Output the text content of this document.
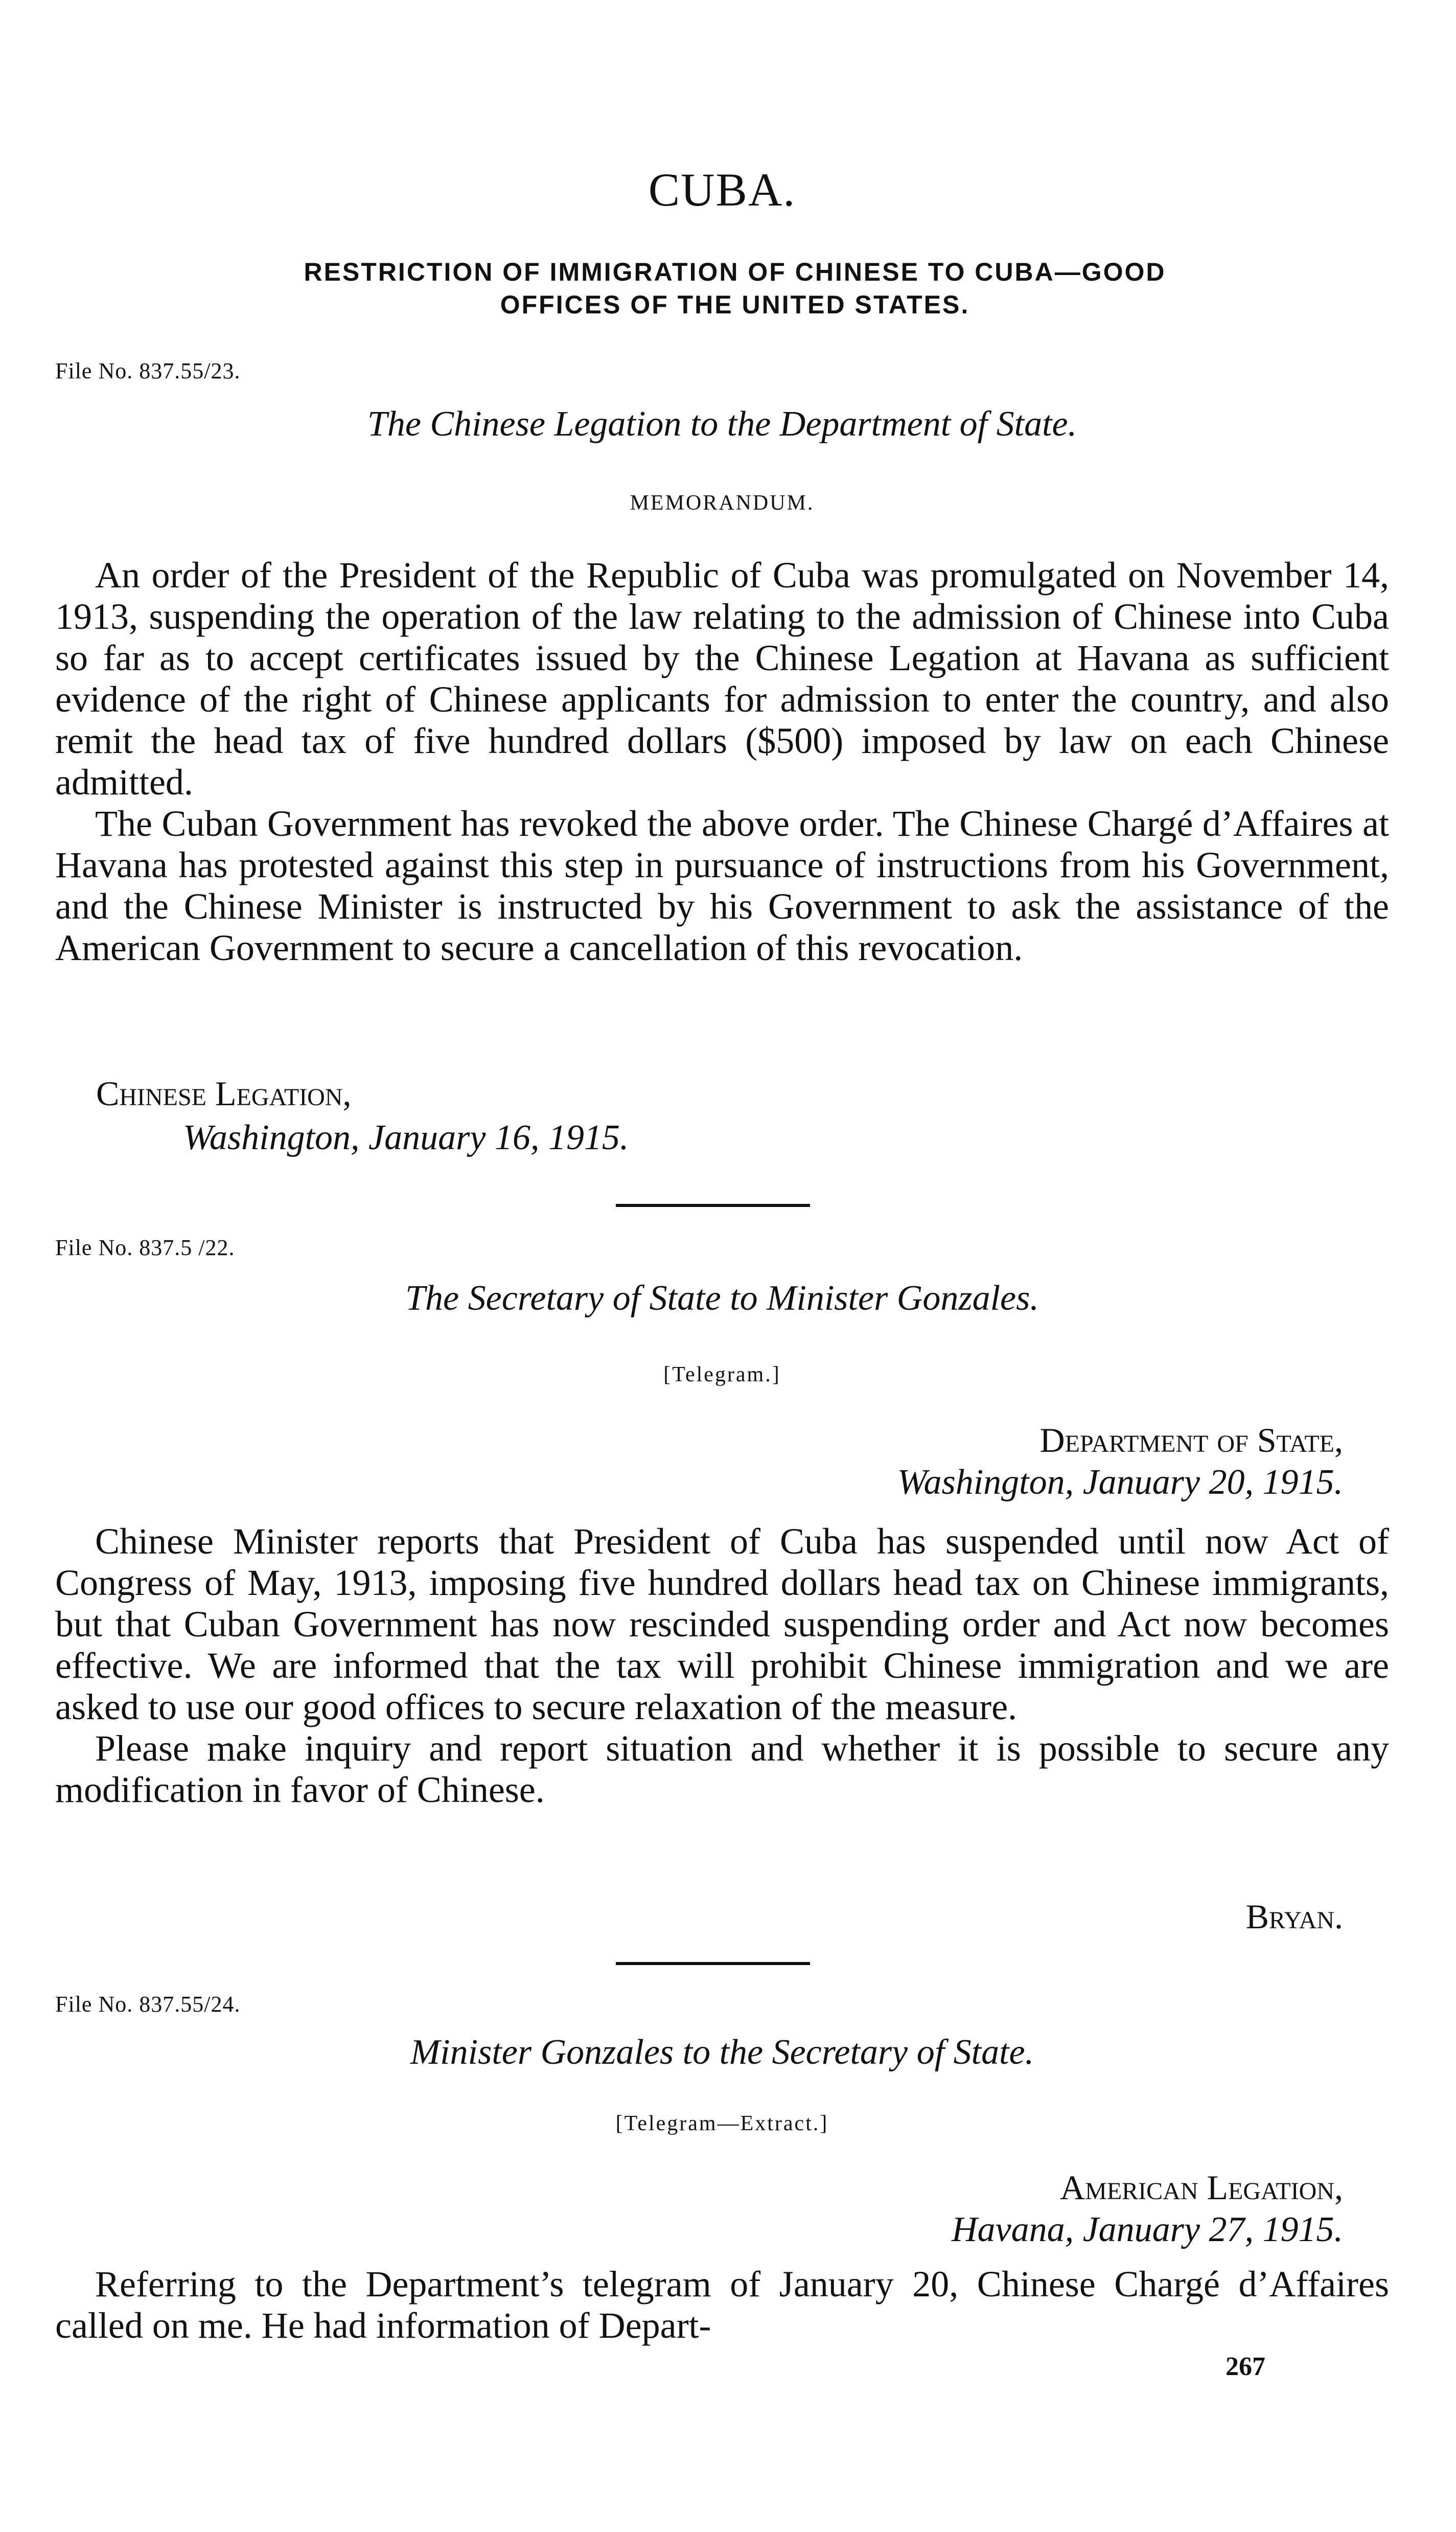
CUBA.
RESTRICTION OF IMMIGRATION OF CHINESE TO CUBA—GOOD
OFFICES OF THE UNITED STATES.
File No. 837.55/23.
The Chinese Legation to the Department of State.
MEMORANDUM.

An order of the President of the Republic of Cuba was promulgated on November 14, 1913, suspending the operation of the law relating to the admission of Chinese into Cuba so far as to accept certificates issued by the Chinese Legation at Havana as sufficient evidence of the right of Chinese applicants for admission to enter the country, and also remit the head tax of five hundred dollars ($500) imposed by law on each Chinese admitted.

The Cuban Government has revoked the above order. The Chinese Chargé d’Affaires at Havana has protested against this step in pursuance of instructions from his Government, and the Chinese Minister is instructed by his Government to ask the assistance of the American Government to secure a cancellation of this revocation.

Chinese Legation,
Washington, January 16, 1915.
File No. 837.5 /22.
The Secretary of State to Minister Gonzales.
[Telegram.]
Department of State,
Washington, January 20, 1915.

Chinese Minister reports that President of Cuba has suspended until now Act of Congress of May, 1913, imposing five hundred dollars head tax on Chinese immigrants, but that Cuban Government has now rescinded suspending order and Act now becomes effective. We are informed that the tax will prohibit Chinese immigration and we are asked to use our good offices to secure relaxation of the measure.

Please make inquiry and report situation and whether it is possible to secure any modification in favor of Chinese.

Bryan.
File No. 837.55/24.
Minister Gonzales to the Secretary of State.
[Telegram—Extract.]
American Legation,
Havana, January 27, 1915.

Referring to the Department’s telegram of January 20, Chinese Chargé d’Affaires called on me. He had information of Depart-

267
